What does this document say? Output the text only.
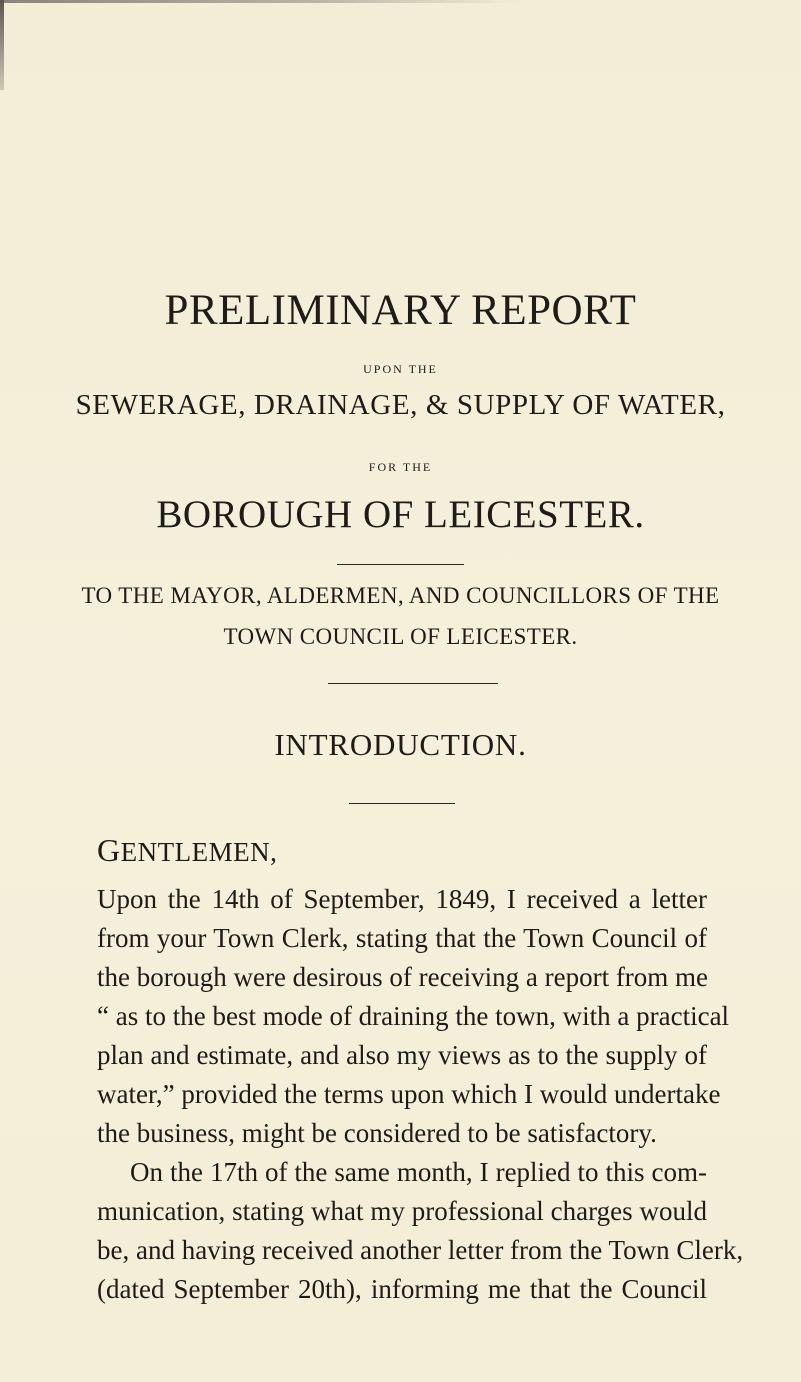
PRELIMINARY REPORT
UPON THE
SEWERAGE, DRAINAGE, & SUPPLY OF WATER,
FOR THE
BOROUGH OF LEICESTER.
TO THE MAYOR, ALDERMEN, AND COUNCILLORS OF THE
TOWN COUNCIL OF LEICESTER.
INTRODUCTION.
GENTLEMEN,
Upon the 14th of September, 1849, I received a letter
from your Town Clerk, stating that the Town Council of
the borough were desirous of receiving a report from me
“ as to the best mode of draining the town, with a practical
plan and estimate, and also my views as to the supply of
water,” provided the terms upon which I would undertake
the business, might be considered to be satisfactory.
On the 17th of the same month, I replied to this com-
munication, stating what my professional charges would
be, and having received another letter from the Town Clerk,
(dated September 20th), informing me that the Council
